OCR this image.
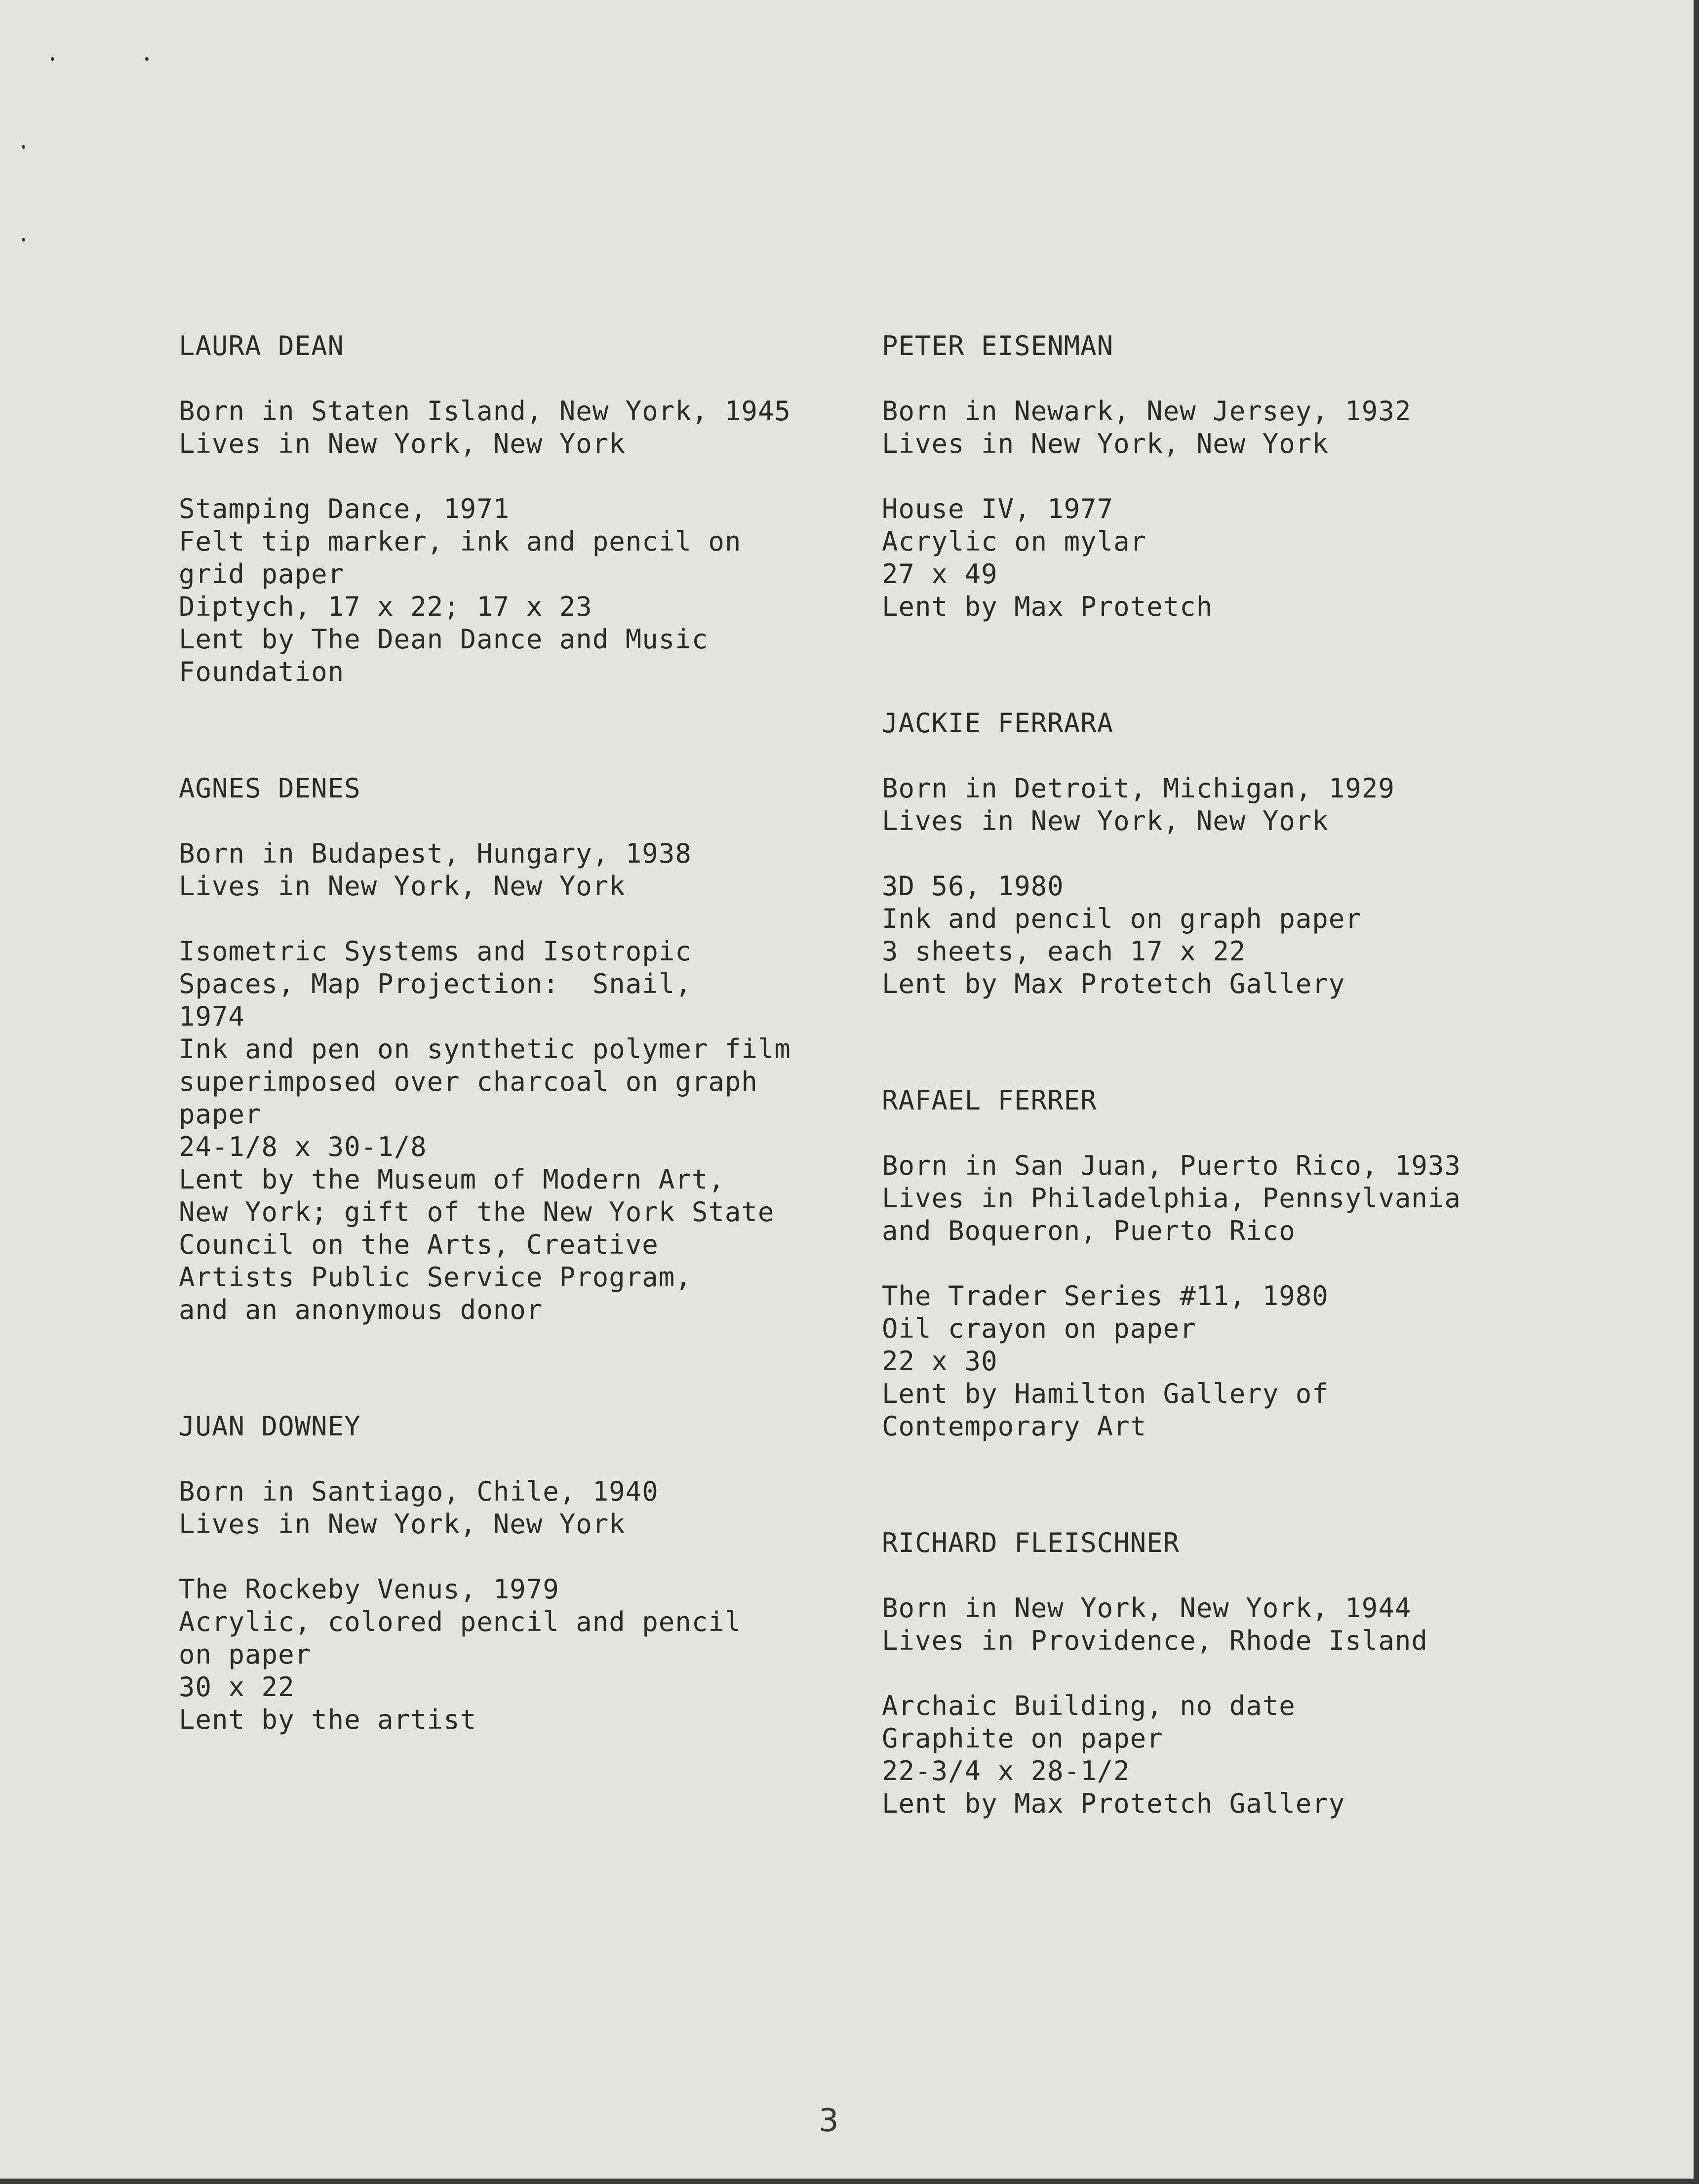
LAURA DEAN
Born in Staten Island, New York, 1945
Lives in New York, New York
Stamping Dance, 1971
Felt tip marker, ink and pencil on
grid paper
Diptych, 17 x 22; 17 x 23
Lent by The Dean Dance and Music
Foundation
AGNES DENES
Born in Budapest, Hungary, 1938
Lives in New York, New York
Isometric Systems and Isotropic
Spaces, Map Projection:  Snail,
1974
Ink and pen on synthetic polymer film
superimposed over charcoal on graph
paper
24-1/8 x 30-1/8
Lent by the Museum of Modern Art,
New York; gift of the New York State
Council on the Arts, Creative
Artists Public Service Program,
and an anonymous donor
JUAN DOWNEY
Born in Santiago, Chile, 1940
Lives in New York, New York
The Rockeby Venus, 1979
Acrylic, colored pencil and pencil
on paper
30 x 22
Lent by the artist
PETER EISENMAN
Born in Newark, New Jersey, 1932
Lives in New York, New York
House IV, 1977
Acrylic on mylar
27 x 49
Lent by Max Protetch
JACKIE FERRARA
Born in Detroit, Michigan, 1929
Lives in New York, New York
3D 56, 1980
Ink and pencil on graph paper
3 sheets, each 17 x 22
Lent by Max Protetch Gallery
RAFAEL FERRER
Born in San Juan, Puerto Rico, 1933
Lives in Philadelphia, Pennsylvania
and Boqueron, Puerto Rico
The Trader Series #11, 1980
Oil crayon on paper
22 x 30
Lent by Hamilton Gallery of
Contemporary Art
RICHARD FLEISCHNER
Born in New York, New York, 1944
Lives in Providence, Rhode Island
Archaic Building, no date
Graphite on paper
22-3/4 x 28-1/2
Lent by Max Protetch Gallery
3
